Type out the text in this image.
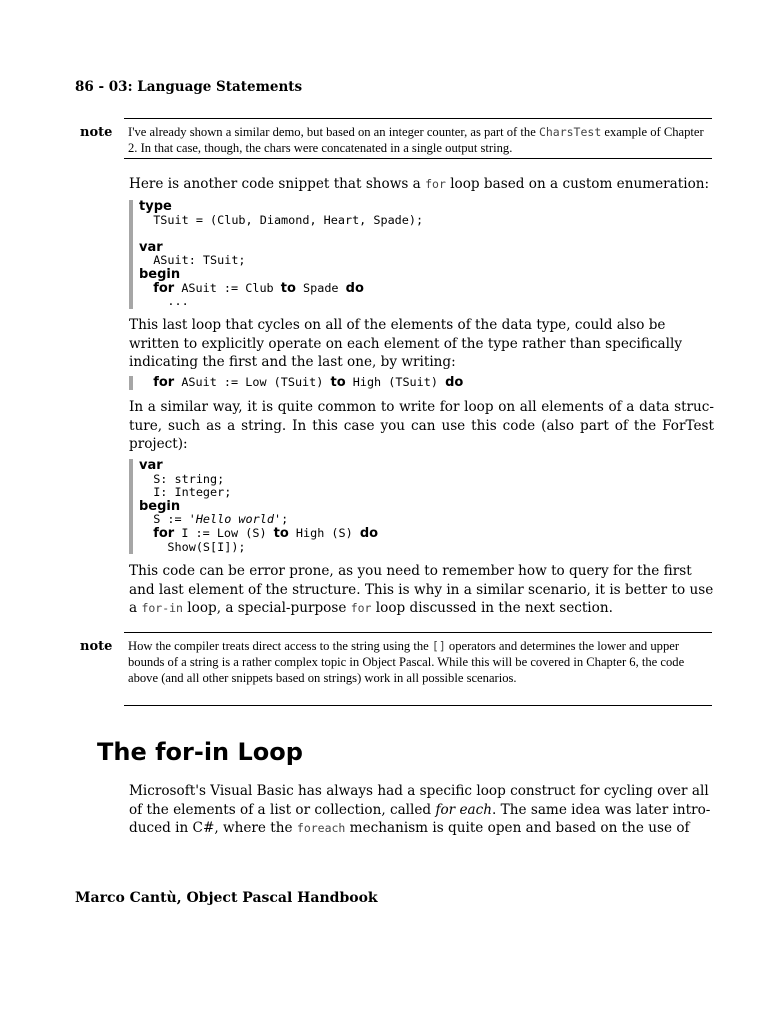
86 - 03: Language Statements
note I've already shown a similar demo, but based on an integer counter, as part of the CharsTest example of Chapter 2. In that case, though, the chars were concatenated in a single output string.
Here is another code snippet that shows a for loop based on a custom enumeration:
type
TSuit = (Club, Diamond, Heart, Spade);
var
ASuit: TSuit;
begin
for ASuit := Club to Spade do
...
This last loop that cycles on all of the elements of the data type, could also be written to explicitly operate on each element of the type rather than specifically indicating the first and the last one, by writing:
for ASuit := Low (TSuit) to High (TSuit) do
In a similar way, it is quite common to write for loop on all elements of a data struc-ture, such as a string. In this case you can use this code (also part of the ForTest project):
var
S: string;
I: Integer;
begin
S := 'Hello world';
for I := Low (S) to High (S) do
Show(S[I]);
This code can be error prone, as you need to remember how to query for the first and last element of the structure. This is why in a similar scenario, it is better to use a for-in loop, a special-purpose for loop discussed in the next section.
note How the compiler treats direct access to the string using the [] operators and determines the lower and upper bounds of a string is a rather complex topic in Object Pascal. While this will be covered in Chapter 6, the code above (and all other snippets based on strings) work in all possible scenarios.
The for-in Loop
Microsoft's Visual Basic has always had a specific loop construct for cycling over all of the elements of a list or collection, called for each. The same idea was later intro-duced in C#, where the foreach mechanism is quite open and based on the use of
Marco Cantù, Object Pascal Handbook
